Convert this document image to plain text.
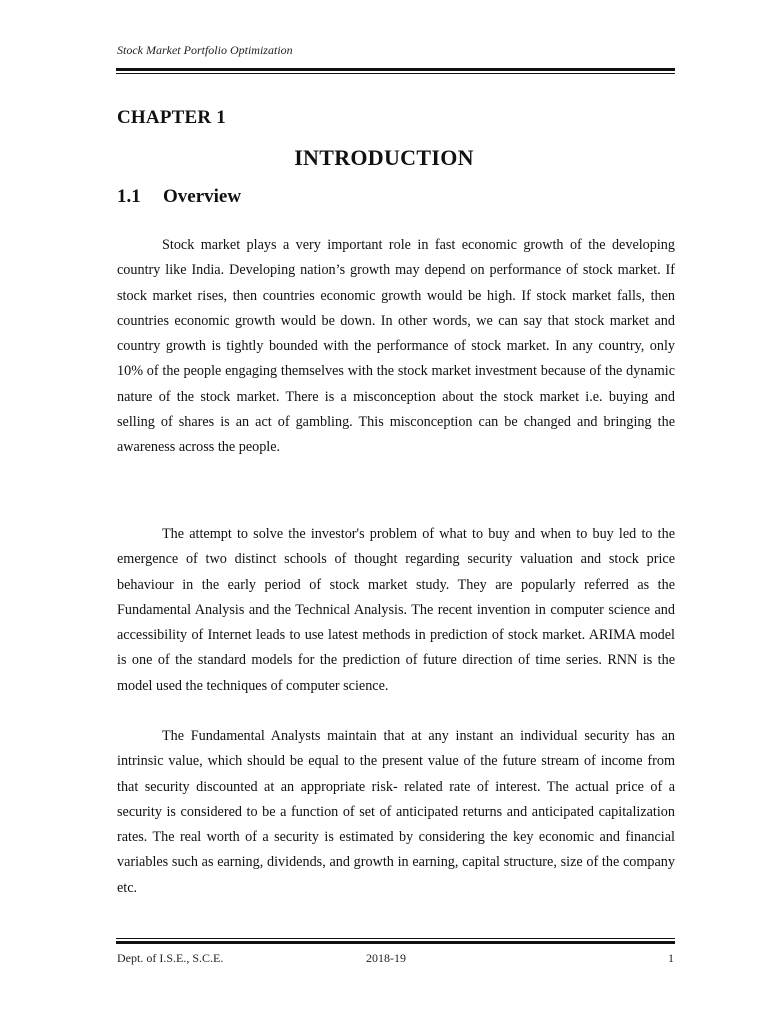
Stock Market Portfolio Optimization
CHAPTER 1
INTRODUCTION
1.1 Overview

Stock market plays a very important role in fast economic growth of the developing country like India. Developing nation’s growth may depend on performance of stock market. If stock market rises, then countries economic growth would be high. If stock market falls, then countries economic growth would be down. In other words, we can say that stock market and country growth is tightly bounded with the performance of stock market. In any country, only 10% of the people engaging themselves with the stock market investment because of the dynamic nature of the stock market. There is a misconception about the stock market i.e. buying and selling of shares is an act of gambling. This misconception can be changed and bringing the awareness across the people.

The attempt to solve the investor's problem of what to buy and when to buy led to the emergence of two distinct schools of thought regarding security valuation and stock price behaviour in the early period of stock market study. They are popularly referred as the Fundamental Analysis and the Technical Analysis. The recent invention in computer science and accessibility of Internet leads to use latest methods in prediction of stock market. ARIMA model is one of the standard models for the prediction of future direction of time series. RNN is the model used the techniques of computer science.

The Fundamental Analysts maintain that at any instant an individual security has an intrinsic value, which should be equal to the present value of the future stream of income from that security discounted at an appropriate risk- related rate of interest. The actual price of a security is considered to be a function of set of anticipated returns and anticipated capitalization rates. The real worth of a security is estimated by considering the key economic and financial variables such as earning, dividends, and growth in earning, capital structure, size of the company etc.

Dept. of I.S.E., S.C.E.	2018-19	1
